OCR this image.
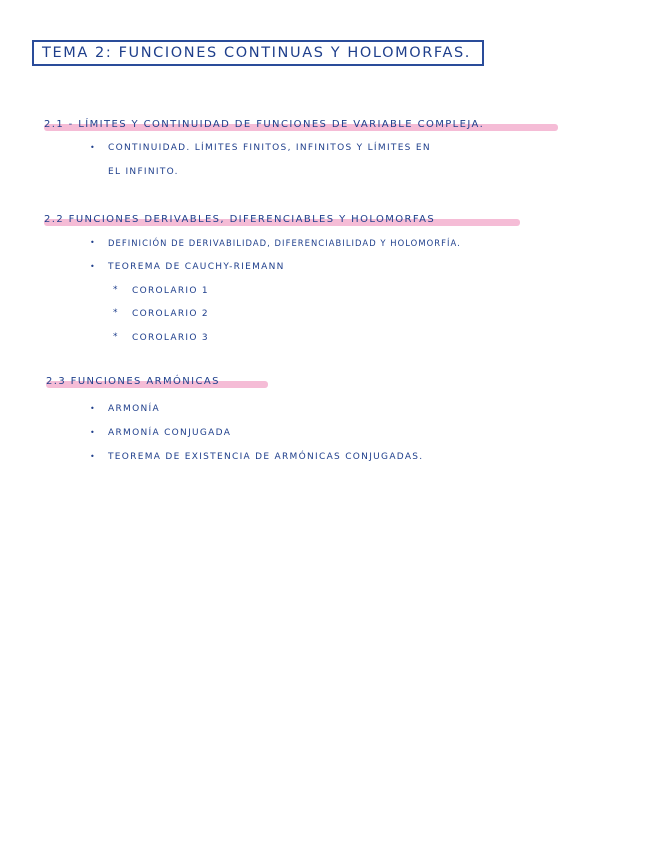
TEMA 2: FUNCIONES CONTINUAS Y HOLOMORFAS.
2.1 - LÍMITES Y CONTINUIDAD DE FUNCIONES DE VARIABLE COMPLEJA.
• CONTINUIDAD. LÍMITES FINITOS, INFINITOS Y LÍMITES EN
EL INFINITO.
2.2 FUNCIONES DERIVABLES, DIFERENCIABLES Y HOLOMORFAS
• DEFINICIÓN DE DERIVABILIDAD, DIFERENCIABILIDAD Y HOLOMORFÍA.
• TEOREMA DE CAUCHY-RIEMANN
* COROLARIO 1
* COROLARIO 2
* COROLARIO 3
2.3 FUNCIONES ARMÓNICAS
• ARMONÍA
• ARMONÍA CONJUGADA
• TEOREMA DE EXISTENCIA DE ARMÓNICAS CONJUGADAS.
